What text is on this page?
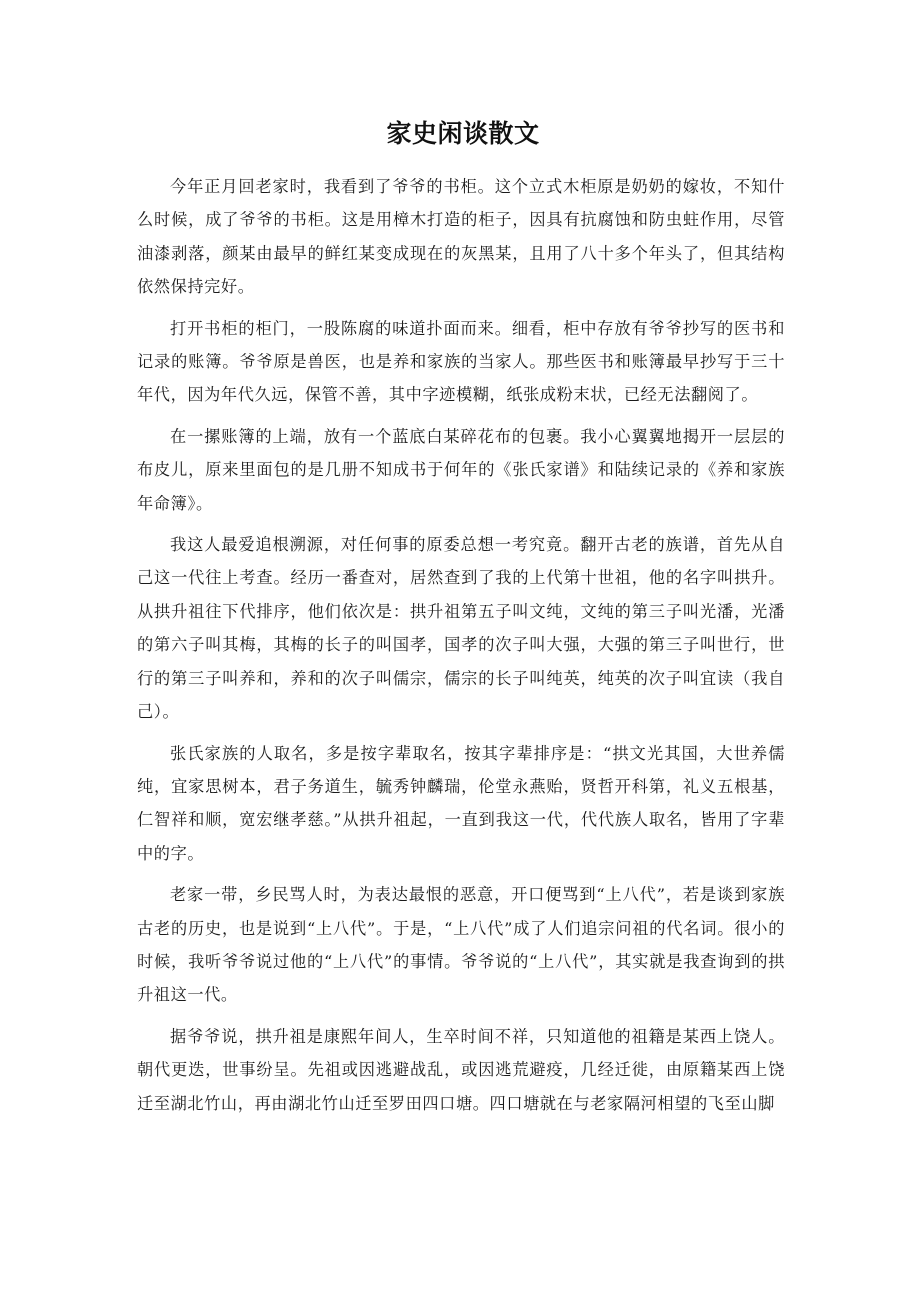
家史闲谈散文

今年正月回老家时，我看到了爷爷的书柜。这个立式木柜原是奶奶的嫁妆，不知什么时候，成了爷爷的书柜。这是用樟木打造的柜子，因具有抗腐蚀和防虫蛀作用，尽管油漆剥落，颜某由最早的鲜红某变成现在的灰黑某，且用了八十多个年头了，但其结构依然保持完好。

打开书柜的柜门，一股陈腐的味道扑面而来。细看，柜中存放有爷爷抄写的医书和记录的账簿。爷爷原是兽医，也是养和家族的当家人。那些医书和账簿最早抄写于三十年代，因为年代久远，保管不善，其中字迹模糊，纸张成粉末状，已经无法翻阅了。

在一摞账簿的上端，放有一个蓝底白某碎花布的包裹。我小心翼翼地揭开一层层的布皮儿，原来里面包的是几册不知成书于何年的《张氏家谱》和陆续记录的《养和家族年命簿》。

我这人最爱追根溯源，对任何事的原委总想一考究竟。翻开古老的族谱，首先从自己这一代往上考查。经历一番查对，居然查到了我的上代第十世祖，他的名字叫拱升。从拱升祖往下代排序，他们依次是：拱升祖第五子叫文纯，文纯的第三子叫光潘，光潘的第六子叫其梅，其梅的长子的叫国孝，国孝的次子叫大强，大强的第三子叫世行，世行的第三子叫养和，养和的次子叫儒宗，儒宗的长子叫纯英，纯英的次子叫宜读（我自己）。

张氏家族的人取名，多是按字辈取名，按其字辈排序是：“拱文光其国，大世养儒纯，宜家思树本，君子务道生，毓秀钟麟瑞，伦堂永燕贻，贤哲开科第，礼义五根基，仁智祥和顺，宽宏继孝慈。”从拱升祖起，一直到我这一代，代代族人取名，皆用了字辈中的字。

老家一带，乡民骂人时，为表达最恨的恶意，开口便骂到“上八代”，若是谈到家族古老的历史，也是说到“上八代”。于是，“上八代”成了人们追宗问祖的代名词。很小的时候，我听爷爷说过他的“上八代”的事情。爷爷说的“上八代”，其实就是我查询到的拱升祖这一代。

据爷爷说，拱升祖是康熙年间人，生卒时间不祥，只知道他的祖籍是某西上饶人。朝代更迭，世事纷呈。先祖或因逃避战乱，或因逃荒避疫，几经迁徙，由原籍某西上饶迁至湖北竹山，再由湖北竹山迁至罗田四口塘。四口塘就在与老家隔河相望的飞至山脚
